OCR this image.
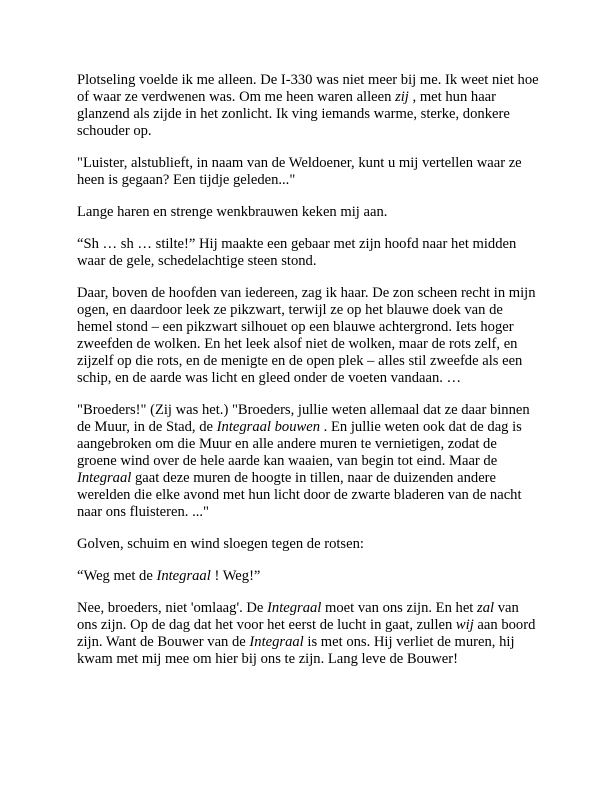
Plotseling voelde ik me alleen. De I-330 was niet meer bij me. Ik weet niet hoe of waar ze verdwenen was. Om me heen waren alleen zij , met hun haar glanzend als zijde in het zonlicht. Ik ving iemands warme, sterke, donkere schouder op.

"Luister, alstublieft, in naam van de Weldoener, kunt u mij vertellen waar ze heen is gegaan? Een tijdje geleden..."

Lange haren en strenge wenkbrauwen keken mij aan.

“Sh … sh … stilte!” Hij maakte een gebaar met zijn hoofd naar het midden waar de gele, schedelachtige steen stond.

Daar, boven de hoofden van iedereen, zag ik haar. De zon scheen recht in mijn ogen, en daardoor leek ze pikzwart, terwijl ze op het blauwe doek van de hemel stond – een pikzwart silhouet op een blauwe achtergrond. Iets hoger zweefden de wolken. En het leek alsof niet de wolken, maar de rots zelf, en zijzelf op die rots, en de menigte en de open plek – alles stil zweefde als een schip, en de aarde was licht en gleed onder de voeten vandaan. …

"Broeders!" (Zij was het.) "Broeders, jullie weten allemaal dat ze daar binnen de Muur, in de Stad, de Integraal bouwen . En jullie weten ook dat de dag is aangebroken om die Muur en alle andere muren te vernietigen, zodat de groene wind over de hele aarde kan waaien, van begin tot eind. Maar de Integraal gaat deze muren de hoogte in tillen, naar de duizenden andere werelden die elke avond met hun licht door de zwarte bladeren van de nacht naar ons fluisteren. ..."

Golven, schuim en wind sloegen tegen de rotsen:

“Weg met de Integraal ! Weg!”

Nee, broeders, niet 'omlaag'. De Integraal moet van ons zijn. En het zal van ons zijn. Op de dag dat het voor het eerst de lucht in gaat, zullen wij aan boord zijn. Want de Bouwer van de Integraal is met ons. Hij verliet de muren, hij kwam met mij mee om hier bij ons te zijn. Lang leve de Bouwer!
